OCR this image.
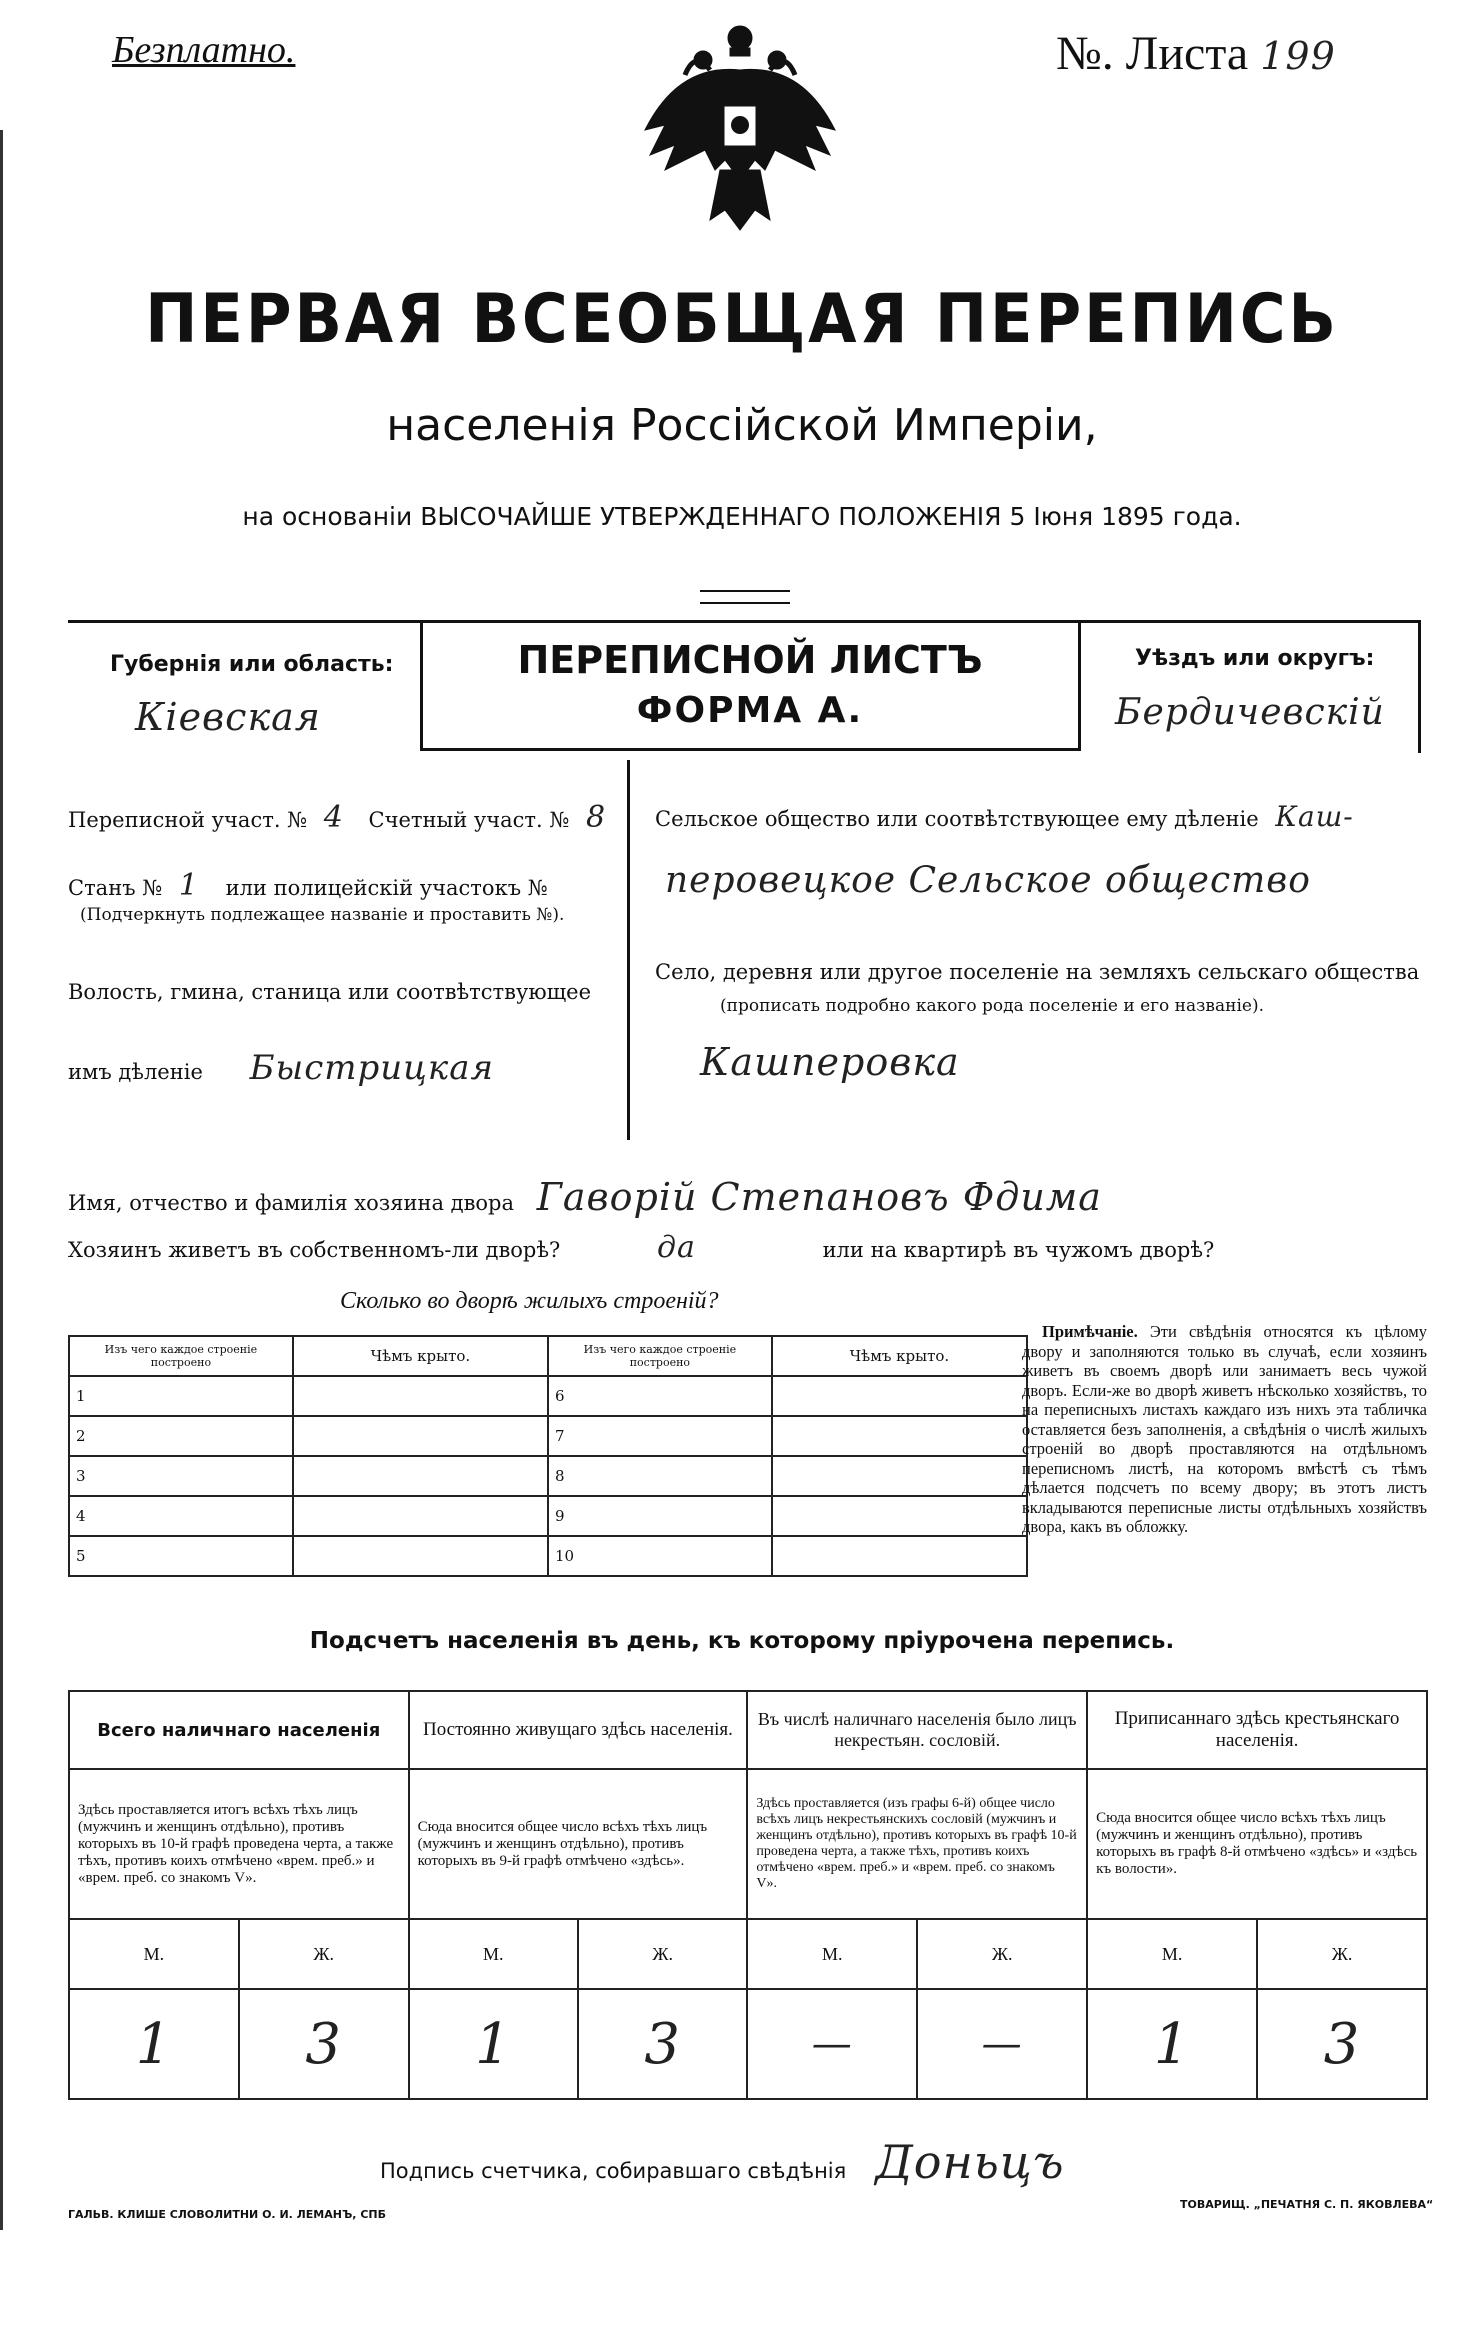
Безплатно.	№. Листа 199
ПЕРВАЯ ВСЕОБЩАЯ ПЕРЕПИСЬ
населенія Россійской Имперіи,
на основаніи ВЫСОЧАЙШЕ УТВЕРЖДЕННАГО ПОЛОЖЕНІЯ 5 Іюня 1895 года.
Губернія или область:
Кіевская
ПЕРЕПИСНОЙ ЛИСТЪ
ФОРМА А.
Уѣздъ или округъ:
Бердичевскій
Переписной участ. № 4 Счетный участ. № 8
Станъ № 1 или полицейскій участокъ №
(Подчеркнуть подлежащее названіе и проставить №).
Волость, гмина, станица или соотвѣтствующее
имъ дѣленіе Быстрицкая
Сельское общество или соотвѣтствующее ему дѣленіе Каш-
перовецкое Сельское общество
Село, деревня или другое поселеніе на земляхъ сельскаго общества
(прописать подробно какого рода поселеніе и его названіе).
Кашперовка
Имя, отчество и фамилія хозяина двора Гаворій Степановъ Фдима
Хозяинъ живетъ въ собственномъ-ли дворѣ?	да	или на квартирѣ въ чужомъ дворѣ?
Сколько во дворѣ жилыхъ строеній?
Изъ чего каждое строеніе построено	Чѣмъ крыто.	Изъ чего каждое строеніе построено	Чѣмъ крыто.
1		6	
2		7	
3		8	
4		9	
5		10	
Примѣчаніе. Эти свѣдѣнія относятся къ цѣлому двору и заполняются только въ случаѣ, если хозяинъ живетъ въ своемъ дворѣ или занимаетъ весь чужой дворъ. Если-же во дворѣ живетъ нѣсколько хозяйствъ, то на переписныхъ листахъ каждаго изъ нихъ эта табличка оставляется безъ заполненія, а свѣдѣнія о числѣ жилыхъ строеній во дворѣ проставляются на отдѣльномъ переписномъ листѣ, на которомъ вмѣстѣ съ тѣмъ дѣлается подсчетъ по всему двору; въ этотъ листъ вкладываются переписные листы отдѣльныхъ хозяйствъ двора, какъ въ обложку.
Подсчетъ населенія въ день, къ которому пріурочена перепись.
Всего наличнаго населенія		Постоянно живущаго здѣсь населенія.		Въ числѣ наличнаго населенія было лицъ некрестьян. сословій.		Приписаннаго здѣсь крестьянскаго населенія.	
Здѣсь проставляется итогъ всѣхъ тѣхъ лицъ (мужчинъ и женщинъ отдѣльно), противъ которыхъ въ 10-й графѣ проведена черта, а также тѣхъ, противъ коихъ отмѣчено «врем. преб.» и «врем. преб. со знакомъ V».		Сюда вносится общее число всѣхъ тѣхъ лицъ (мужчинъ и женщинъ отдѣльно), противъ которыхъ въ 9-й графѣ отмѣчено «здѣсь».		Здѣсь проставляется (изъ графы 6-й) общее число всѣхъ лицъ некрестьянскихъ сословій (мужчинъ и женщинъ отдѣльно), противъ которыхъ въ графѣ 10-й проведена черта, а также тѣхъ, противъ коихъ отмѣчено «врем. преб.» и «врем. преб. со знакомъ V».		Сюда вносится общее число всѣхъ тѣхъ лицъ (мужчинъ и женщинъ отдѣльно), противъ которыхъ въ графѣ 8-й отмѣчено «здѣсь» и «здѣсь къ волости».	
М.	Ж.	М.	Ж.	М.	Ж.	М.	Ж.
1	3	1	3	—	—	1	3
Подпись счетчика, собиравшаго свѣдѣнія Доньцъ
ГАЛЬВ. КЛИШЕ СЛОВОЛИТНИ О. И. ЛЕМАНЪ, СПБ
ТОВАРИЩ. „ПЕЧАТНЯ С. П. ЯКОВЛЕВА“
